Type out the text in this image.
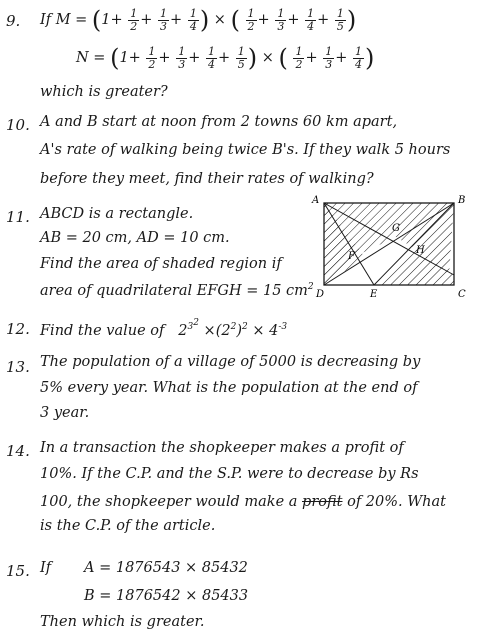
9. If $M = (1+ \frac{1}{2} + \frac{1}{3} + \frac{1}{4}$ ) × ( $\frac{1}{2} + \frac{1}{3} + \frac{1}{4} + \frac{1}{5}$ )
$N = (1+ \frac{1}{2} + \frac{1}{3} + \frac{1}{4} + \frac{1}{5}$ ) × ( $\frac{1}{2} + \frac{1}{3} + \frac{1}{4}$ )
which is greater?
10. A and B start at noon from 2 towns 60 km apart,
A's rate of walking being twice B's. If they walk 5 hours
before they meet, find their rates of walking?
11. ABCD is a rectangle.
AB = 20 cm, AD = 10 cm.
Find the area of shaded region if
area of quadrilateral EFGH = 15 $cm^2$
A	B
C
D	E
F
G
H
12. Find the value of $2^{3^2} \times(2^2)^2 \times 4^{-3}$
13. The population of a village of 5000 is decreasing by
5% every year. What is the population at the end of
3 year.
14. In a transaction the shopkeeper makes a profit of
10%. If the C.P. and the S.P. were to decrease by Rs
100, the shopkeeper would make a profit of 20%. What
is the C.P. of the article.
15. If A = 1876543 × 85432
B = 1876542 × 85433
Then which is greater.
